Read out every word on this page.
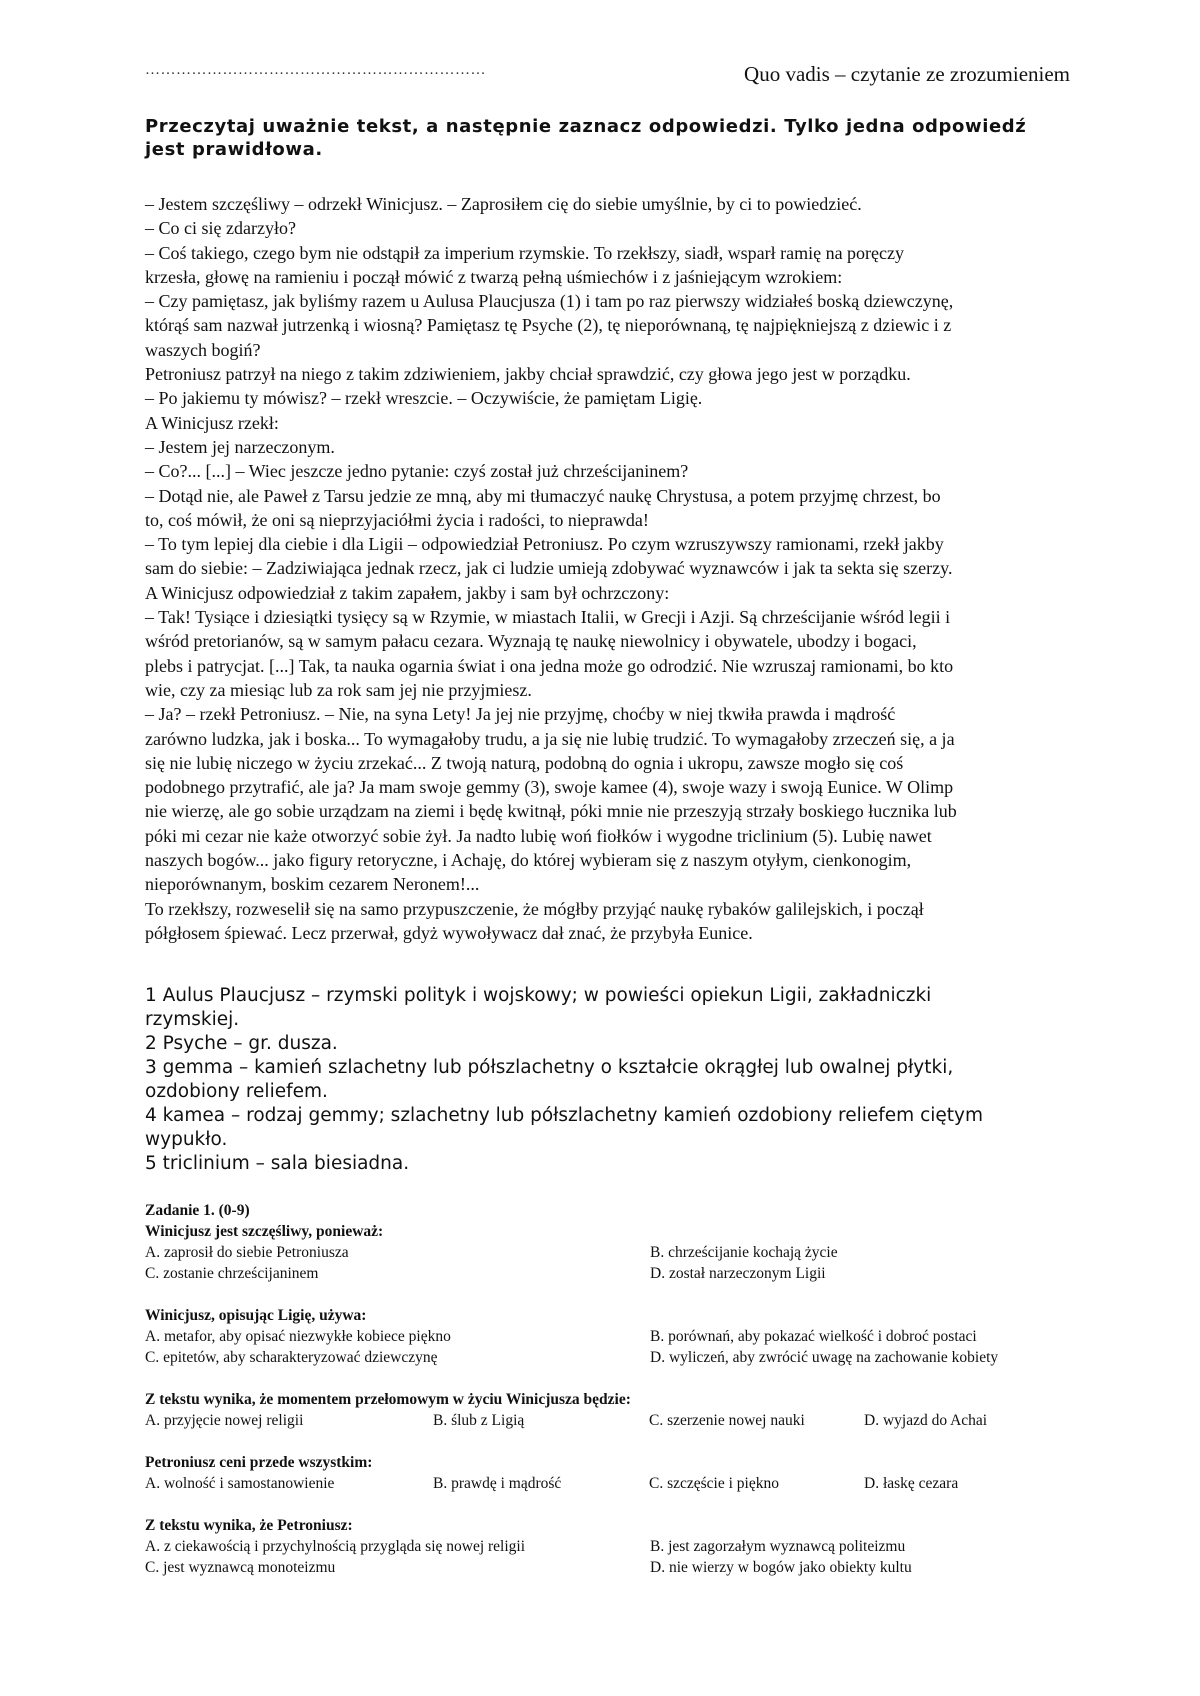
…………………………………………………………	Quo vadis – czytanie ze zrozumieniem
Przeczytaj uważnie tekst, a następnie zaznacz odpowiedzi. Tylko jedna odpowiedź
jest prawidłowa.
– Jestem szczęśliwy – odrzekł Winicjusz. – Zaprosiłem cię do siebie umyślnie, by ci to powiedzieć.
– Co ci się zdarzyło?
– Coś takiego, czego bym nie odstąpił za imperium rzymskie. To rzekłszy, siadł, wsparł ramię na poręczy
krzesła, głowę na ramieniu i począł mówić z twarzą pełną uśmiechów i z jaśniejącym wzrokiem:
– Czy pamiętasz, jak byliśmy razem u Aulusa Plaucjusza (1) i tam po raz pierwszy widziałeś boską dziewczynę,
którąś sam nazwał jutrzenką i wiosną? Pamiętasz tę Psyche (2), tę nieporównaną, tę najpiękniejszą z dziewic i z
waszych bogiń?
Petroniusz patrzył na niego z takim zdziwieniem, jakby chciał sprawdzić, czy głowa jego jest w porządku.
– Po jakiemu ty mówisz? – rzekł wreszcie. – Oczywiście, że pamiętam Ligię.
A Winicjusz rzekł:
– Jestem jej narzeczonym.
– Co?... [...] – Wiec jeszcze jedno pytanie: czyś został już chrześcijaninem?
– Dotąd nie, ale Paweł z Tarsu jedzie ze mną, aby mi tłumaczyć naukę Chrystusa, a potem przyjmę chrzest, bo
to, coś mówił, że oni są nieprzyjaciółmi życia i radości, to nieprawda!
– To tym lepiej dla ciebie i dla Ligii – odpowiedział Petroniusz. Po czym wzruszywszy ramionami, rzekł jakby
sam do siebie: – Zadziwiająca jednak rzecz, jak ci ludzie umieją zdobywać wyznawców i jak ta sekta się szerzy.
A Winicjusz odpowiedział z takim zapałem, jakby i sam był ochrzczony:
– Tak! Tysiące i dziesiątki tysięcy są w Rzymie, w miastach Italii, w Grecji i Azji. Są chrześcijanie wśród legii i
wśród pretorianów, są w samym pałacu cezara. Wyznają tę naukę niewolnicy i obywatele, ubodzy i bogaci,
plebs i patrycjat. [...] Tak, ta nauka ogarnia świat i ona jedna może go odrodzić. Nie wzruszaj ramionami, bo kto
wie, czy za miesiąc lub za rok sam jej nie przyjmiesz.
– Ja? – rzekł Petroniusz. – Nie, na syna Lety! Ja jej nie przyjmę, choćby w niej tkwiła prawda i mądrość
zarówno ludzka, jak i boska... To wymagałoby trudu, a ja się nie lubię trudzić. To wymagałoby zrzeczeń się, a ja
się nie lubię niczego w życiu zrzekać... Z twoją naturą, podobną do ognia i ukropu, zawsze mogło się coś
podobnego przytrafić, ale ja? Ja mam swoje gemmy (3), swoje kamee (4), swoje wazy i swoją Eunice. W Olimp
nie wierzę, ale go sobie urządzam na ziemi i będę kwitnął, póki mnie nie przeszyją strzały boskiego łucznika lub
póki mi cezar nie każe otworzyć sobie żył. Ja nadto lubię woń fiołków i wygodne triclinium (5). Lubię nawet
naszych bogów... jako figury retoryczne, i Achaję, do której wybieram się z naszym otyłym, cienkonogim,
nieporównanym, boskim cezarem Neronem!...
To rzekłszy, rozweselił się na samo przypuszczenie, że mógłby przyjąć naukę rybaków galilejskich, i począł
półgłosem śpiewać. Lecz przerwał, gdyż wywoływacz dał znać, że przybyła Eunice.
1 Aulus Plaucjusz – rzymski polityk i wojskowy; w powieści opiekun Ligii, zakładniczki
rzymskiej.
2 Psyche – gr. dusza.
3 gemma – kamień szlachetny lub półszlachetny o kształcie okrągłej lub owalnej płytki,
ozdobiony reliefem.
4 kamea – rodzaj gemmy; szlachetny lub półszlachetny kamień ozdobiony reliefem ciętym
wypukło.
5 triclinium – sala biesiadna.
Zadanie 1. (0-9)
Winicjusz jest szczęśliwy, ponieważ:
A. zaprosił do siebie Petroniusza	B. chrześcijanie kochają życie
C. zostanie chrześcijaninem	D. został narzeczonym Ligii
Winicjusz, opisując Ligię, używa:
A. metafor, aby opisać niezwykłe kobiece piękno	B. porównań, aby pokazać wielkość i dobroć postaci
C. epitetów, aby scharakteryzować dziewczynę	D. wyliczeń, aby zwrócić uwagę na zachowanie kobiety
Z tekstu wynika, że momentem przełomowym w życiu Winicjusza będzie:
A. przyjęcie nowej religii	B. ślub z Ligią	C. szerzenie nowej nauki	D. wyjazd do Achai
Petroniusz ceni przede wszystkim:
A. wolność i samostanowienie	B. prawdę i mądrość	C. szczęście i piękno	D. łaskę cezara
Z tekstu wynika, że Petroniusz:
A. z ciekawością i przychylnością przygląda się nowej religii	B. jest zagorzałym wyznawcą politeizmu
C. jest wyznawcą monoteizmu	D. nie wierzy w bogów jako obiekty kultu
